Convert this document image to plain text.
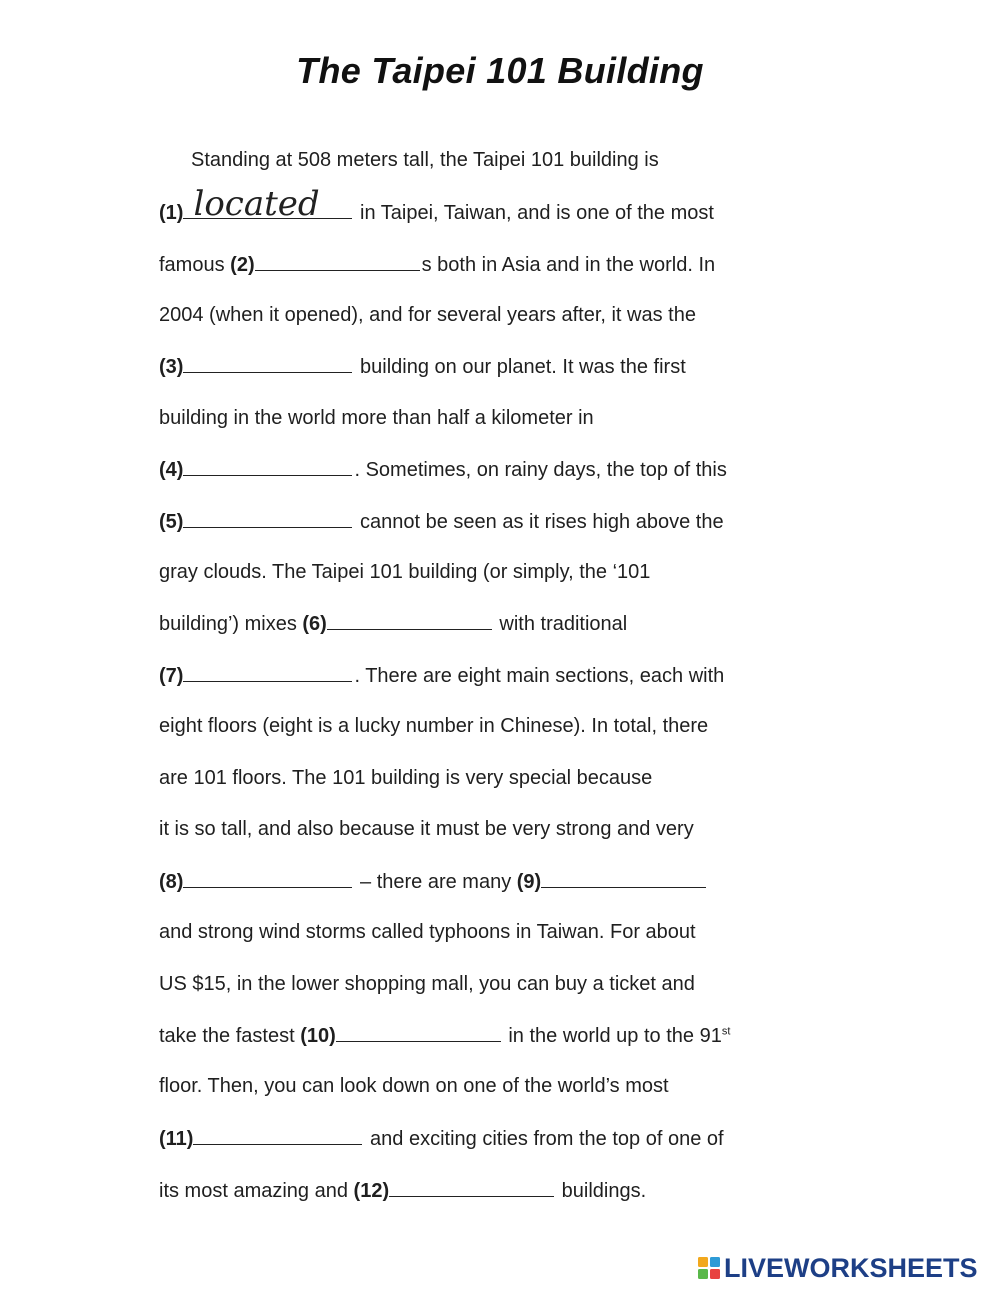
The Taipei 101 Building
Standing at 508 meters tall, the Taipei 101 building is
(1) located in Taipei, Taiwan, and is one of the most
famous (2)	s both in Asia and in the world. In
2004 (when it opened), and for several years after, it was the
(3)	building on our planet. It was the first
building in the world more than half a kilometer in
(4)	. Sometimes, on rainy days, the top of this
(5)	cannot be seen as it rises high above the
gray clouds. The Taipei 101 building (or simply, the ‘101
building’) mixes (6)	with traditional
(7)	. There are eight main sections, each with
eight floors (eight is a lucky number in Chinese). In total, there
are 101 floors. The 101 building is very special because
it is so tall, and also because it must be very strong and very
(8)	– there are many (9)
and strong wind storms called typhoons in Taiwan. For about
US $15, in the lower shopping mall, you can buy a ticket and
take the fastest (10)	in the world up to the 91st
floor. Then, you can look down on one of the world’s most
(11)	and exciting cities from the top of one of
its most amazing and (12)	buildings.
LIVEWORKSHEETS
